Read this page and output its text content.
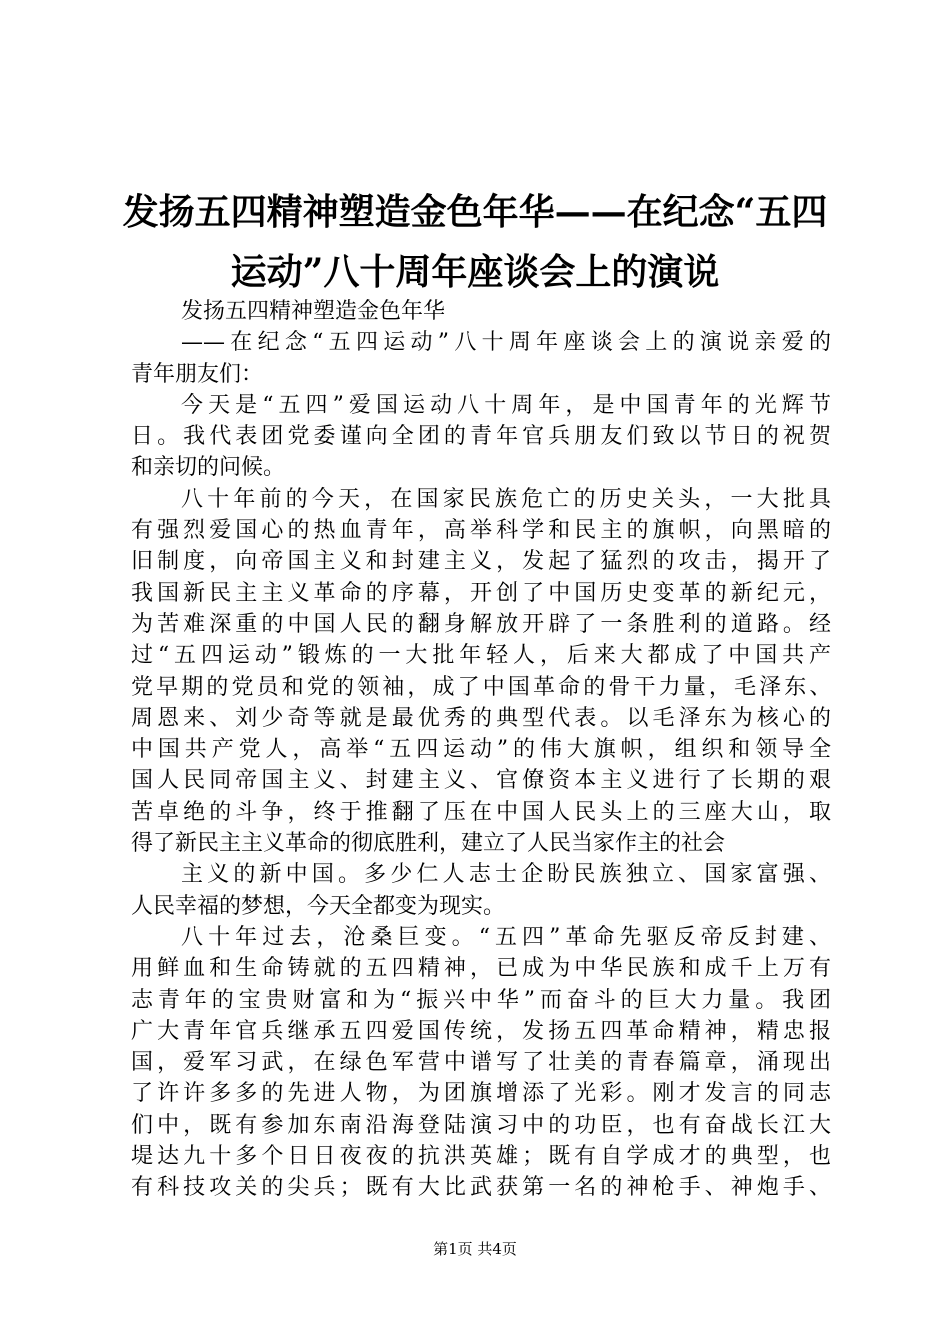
发扬五四精神塑造金色年华——在纪念“五四
运动”八十周年座谈会上的演说
发扬五四精神塑造金色年华
——在纪念“五四运动”八十周年座谈会上的演说亲爱的
青年朋友们：
今天是“五四”爱国运动八十周年，是中国青年的光辉节
日。我代表团党委谨向全团的青年官兵朋友们致以节日的祝贺
和亲切的问候。
八十年前的今天，在国家民族危亡的历史关头，一大批具
有强烈爱国心的热血青年，高举科学和民主的旗帜，向黑暗的
旧制度，向帝国主义和封建主义，发起了猛烈的攻击，揭开了
我国新民主主义革命的序幕，开创了中国历史变革的新纪元，
为苦难深重的中国人民的翻身解放开辟了一条胜利的道路。经
过“五四运动”锻炼的一大批年轻人，后来大都成了中国共产
党早期的党员和党的领袖，成了中国革命的骨干力量，毛泽东、
周恩来、刘少奇等就是最优秀的典型代表。以毛泽东为核心的
中国共产党人，高举“五四运动”的伟大旗帜，组织和领导全
国人民同帝国主义、封建主义、官僚资本主义进行了长期的艰
苦卓绝的斗争，终于推翻了压在中国人民头上的三座大山，取
得了新民主主义革命的彻底胜利，建立了人民当家作主的社会
主义的新中国。多少仁人志士企盼民族独立、国家富强、
人民幸福的梦想，今天全都变为现实。
八十年过去，沧桑巨变。“五四”革命先驱反帝反封建、
用鲜血和生命铸就的五四精神，已成为中华民族和成千上万有
志青年的宝贵财富和为“振兴中华”而奋斗的巨大力量。我团
广大青年官兵继承五四爱国传统，发扬五四革命精神，精忠报
国，爱军习武，在绿色军营中谱写了壮美的青春篇章，涌现出
了许许多多的先进人物，为团旗增添了光彩。刚才发言的同志
们中，既有参加东南沿海登陆演习中的功臣，也有奋战长江大
堤达九十多个日日夜夜的抗洪英雄；既有自学成才的典型，也
有科技攻关的尖兵；既有大比武获第一名的神枪手、神炮手、
第1页 共4页
